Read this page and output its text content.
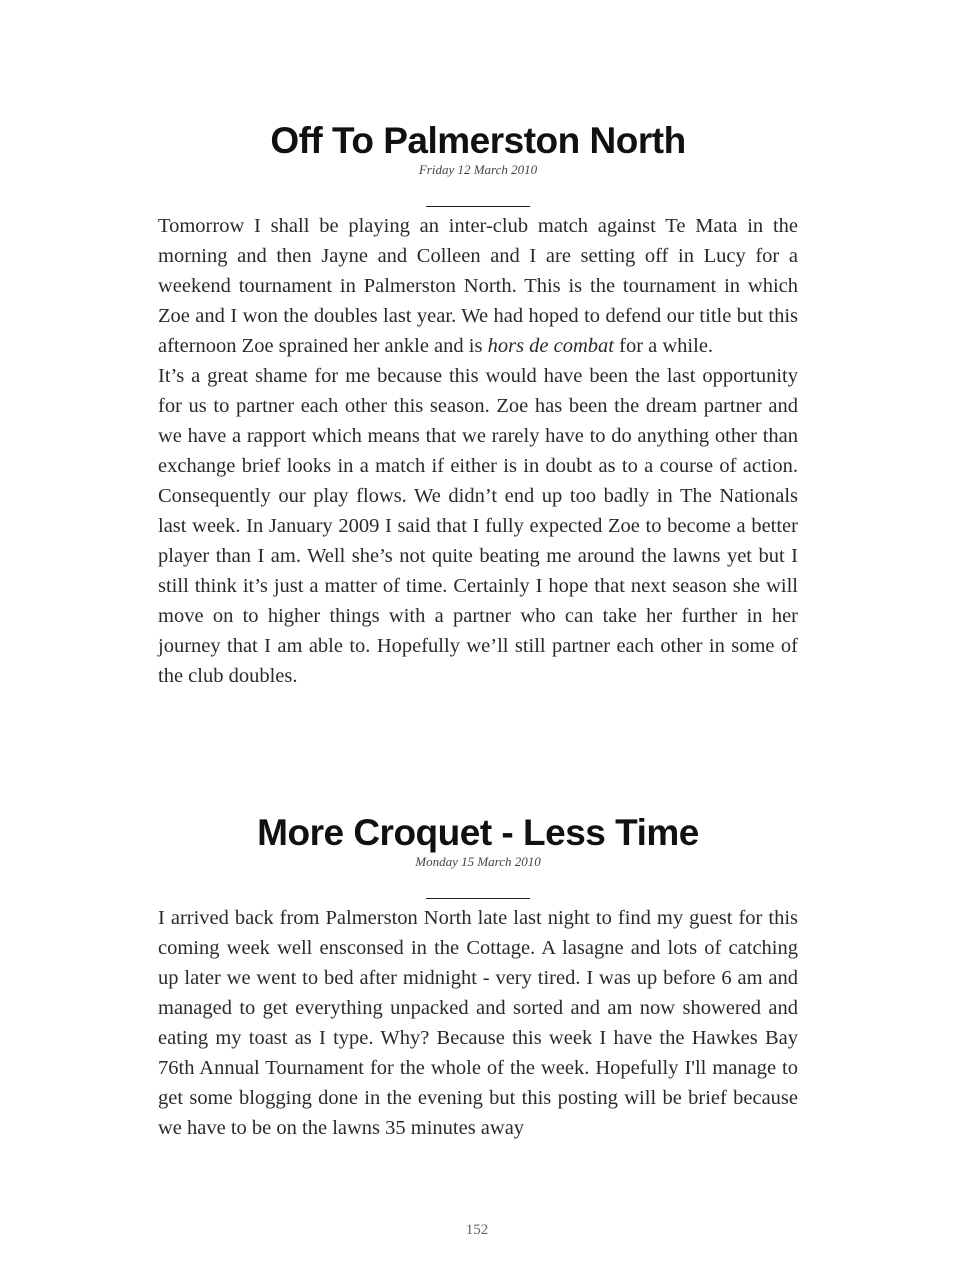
Off To Palmerston North
Friday 12 March 2010

Tomorrow I shall be playing an inter-club match against Te Mata in the morning and then Jayne and Colleen and I are setting off in Lucy for a weekend tournament in Palmerston North. This is the tournament in which Zoe and I won the doubles last year. We had hoped to defend our title but this afternoon Zoe sprained her ankle and is hors de combat for a while.

It’s a great shame for me because this would have been the last opportunity for us to partner each other this season. Zoe has been the dream partner and we have a rapport which means that we rarely have to do anything other than exchange brief looks in a match if either is in doubt as to a course of action. Consequently our play flows. We didn’t end up too badly in The Nationals last week. In January 2009 I said that I fully expected Zoe to become a better player than I am. Well she’s not quite beating me around the lawns yet but I still think it’s just a matter of time. Certainly I hope that next season she will move on to higher things with a partner who can take her further in her journey that I am able to. Hopefully we’ll still partner each other in some of the club doubles.

More Croquet - Less Time
Monday 15 March 2010

I arrived back from Palmerston North late last night to find my guest for this coming week well ensconsed in the Cottage. A lasagne and lots of catching up later we went to bed after midnight - very tired. I was up before 6 am and managed to get everything unpacked and sorted and am now showered and eating my toast as I type. Why? Because this week I have the Hawkes Bay 76th Annual Tournament for the whole of the week. Hopefully I'll manage to get some blogging done in the evening but this posting will be brief because we have to be on the lawns 35 minutes away

152
